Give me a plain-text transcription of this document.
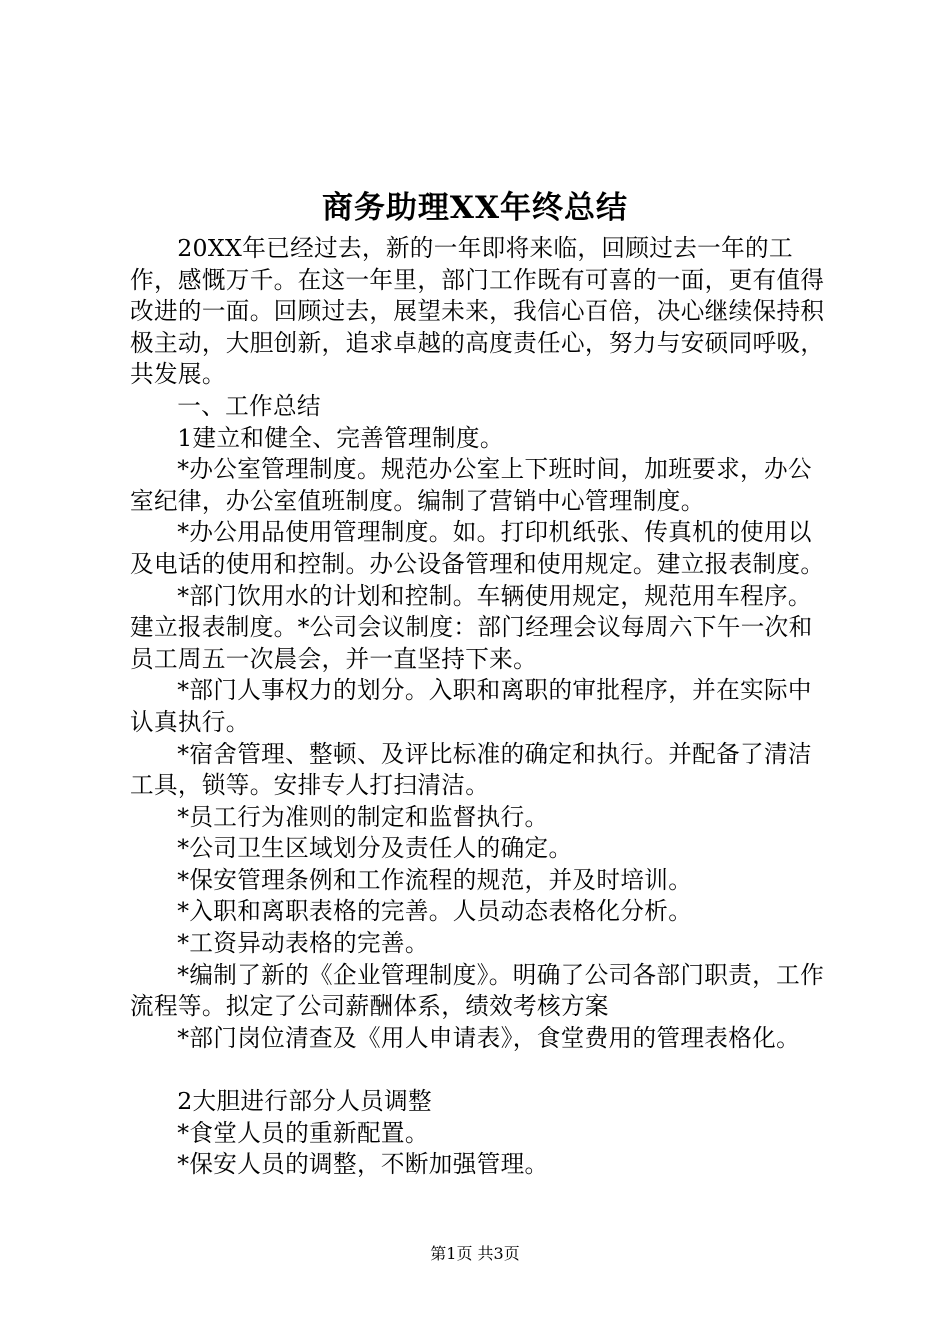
商务助理XX年终总结

20XX年已经过去，新的一年即将来临，回顾过去一年的工作，感慨万千。在这一年里，部门工作既有可喜的一面，更有值得改进的一面。回顾过去，展望未来，我信心百倍，决心继续保持积极主动，大胆创新，追求卓越的高度责任心，努力与安硕同呼吸，共发展。

一、工作总结

1建立和健全、完善管理制度。

*办公室管理制度。规范办公室上下班时间，加班要求，办公室纪律，办公室值班制度。编制了营销中心管理制度。

*办公用品使用管理制度。如。打印机纸张、传真机的使用以及电话的使用和控制。办公设备管理和使用规定。建立报表制度。

*部门饮用水的计划和控制。车辆使用规定，规范用车程序。建立报表制度。*公司会议制度：部门经理会议每周六下午一次和员工周五一次晨会，并一直坚持下来。

*部门人事权力的划分。入职和离职的审批程序，并在实际中认真执行。

*宿舍管理、整顿、及评比标准的确定和执行。并配备了清洁工具，锁等。安排专人打扫清洁。

*员工行为准则的制定和监督执行。

*公司卫生区域划分及责任人的确定。

*保安管理条例和工作流程的规范，并及时培训。

*入职和离职表格的完善。人员动态表格化分析。

*工资异动表格的完善。

*编制了新的《企业管理制度》。明确了公司各部门职责，工作流程等。拟定了公司薪酬体系，绩效考核方案

*部门岗位清查及《用人申请表》，食堂费用的管理表格化。

2大胆进行部分人员调整

*食堂人员的重新配置。

*保安人员的调整，不断加强管理。

第1页 共3页
